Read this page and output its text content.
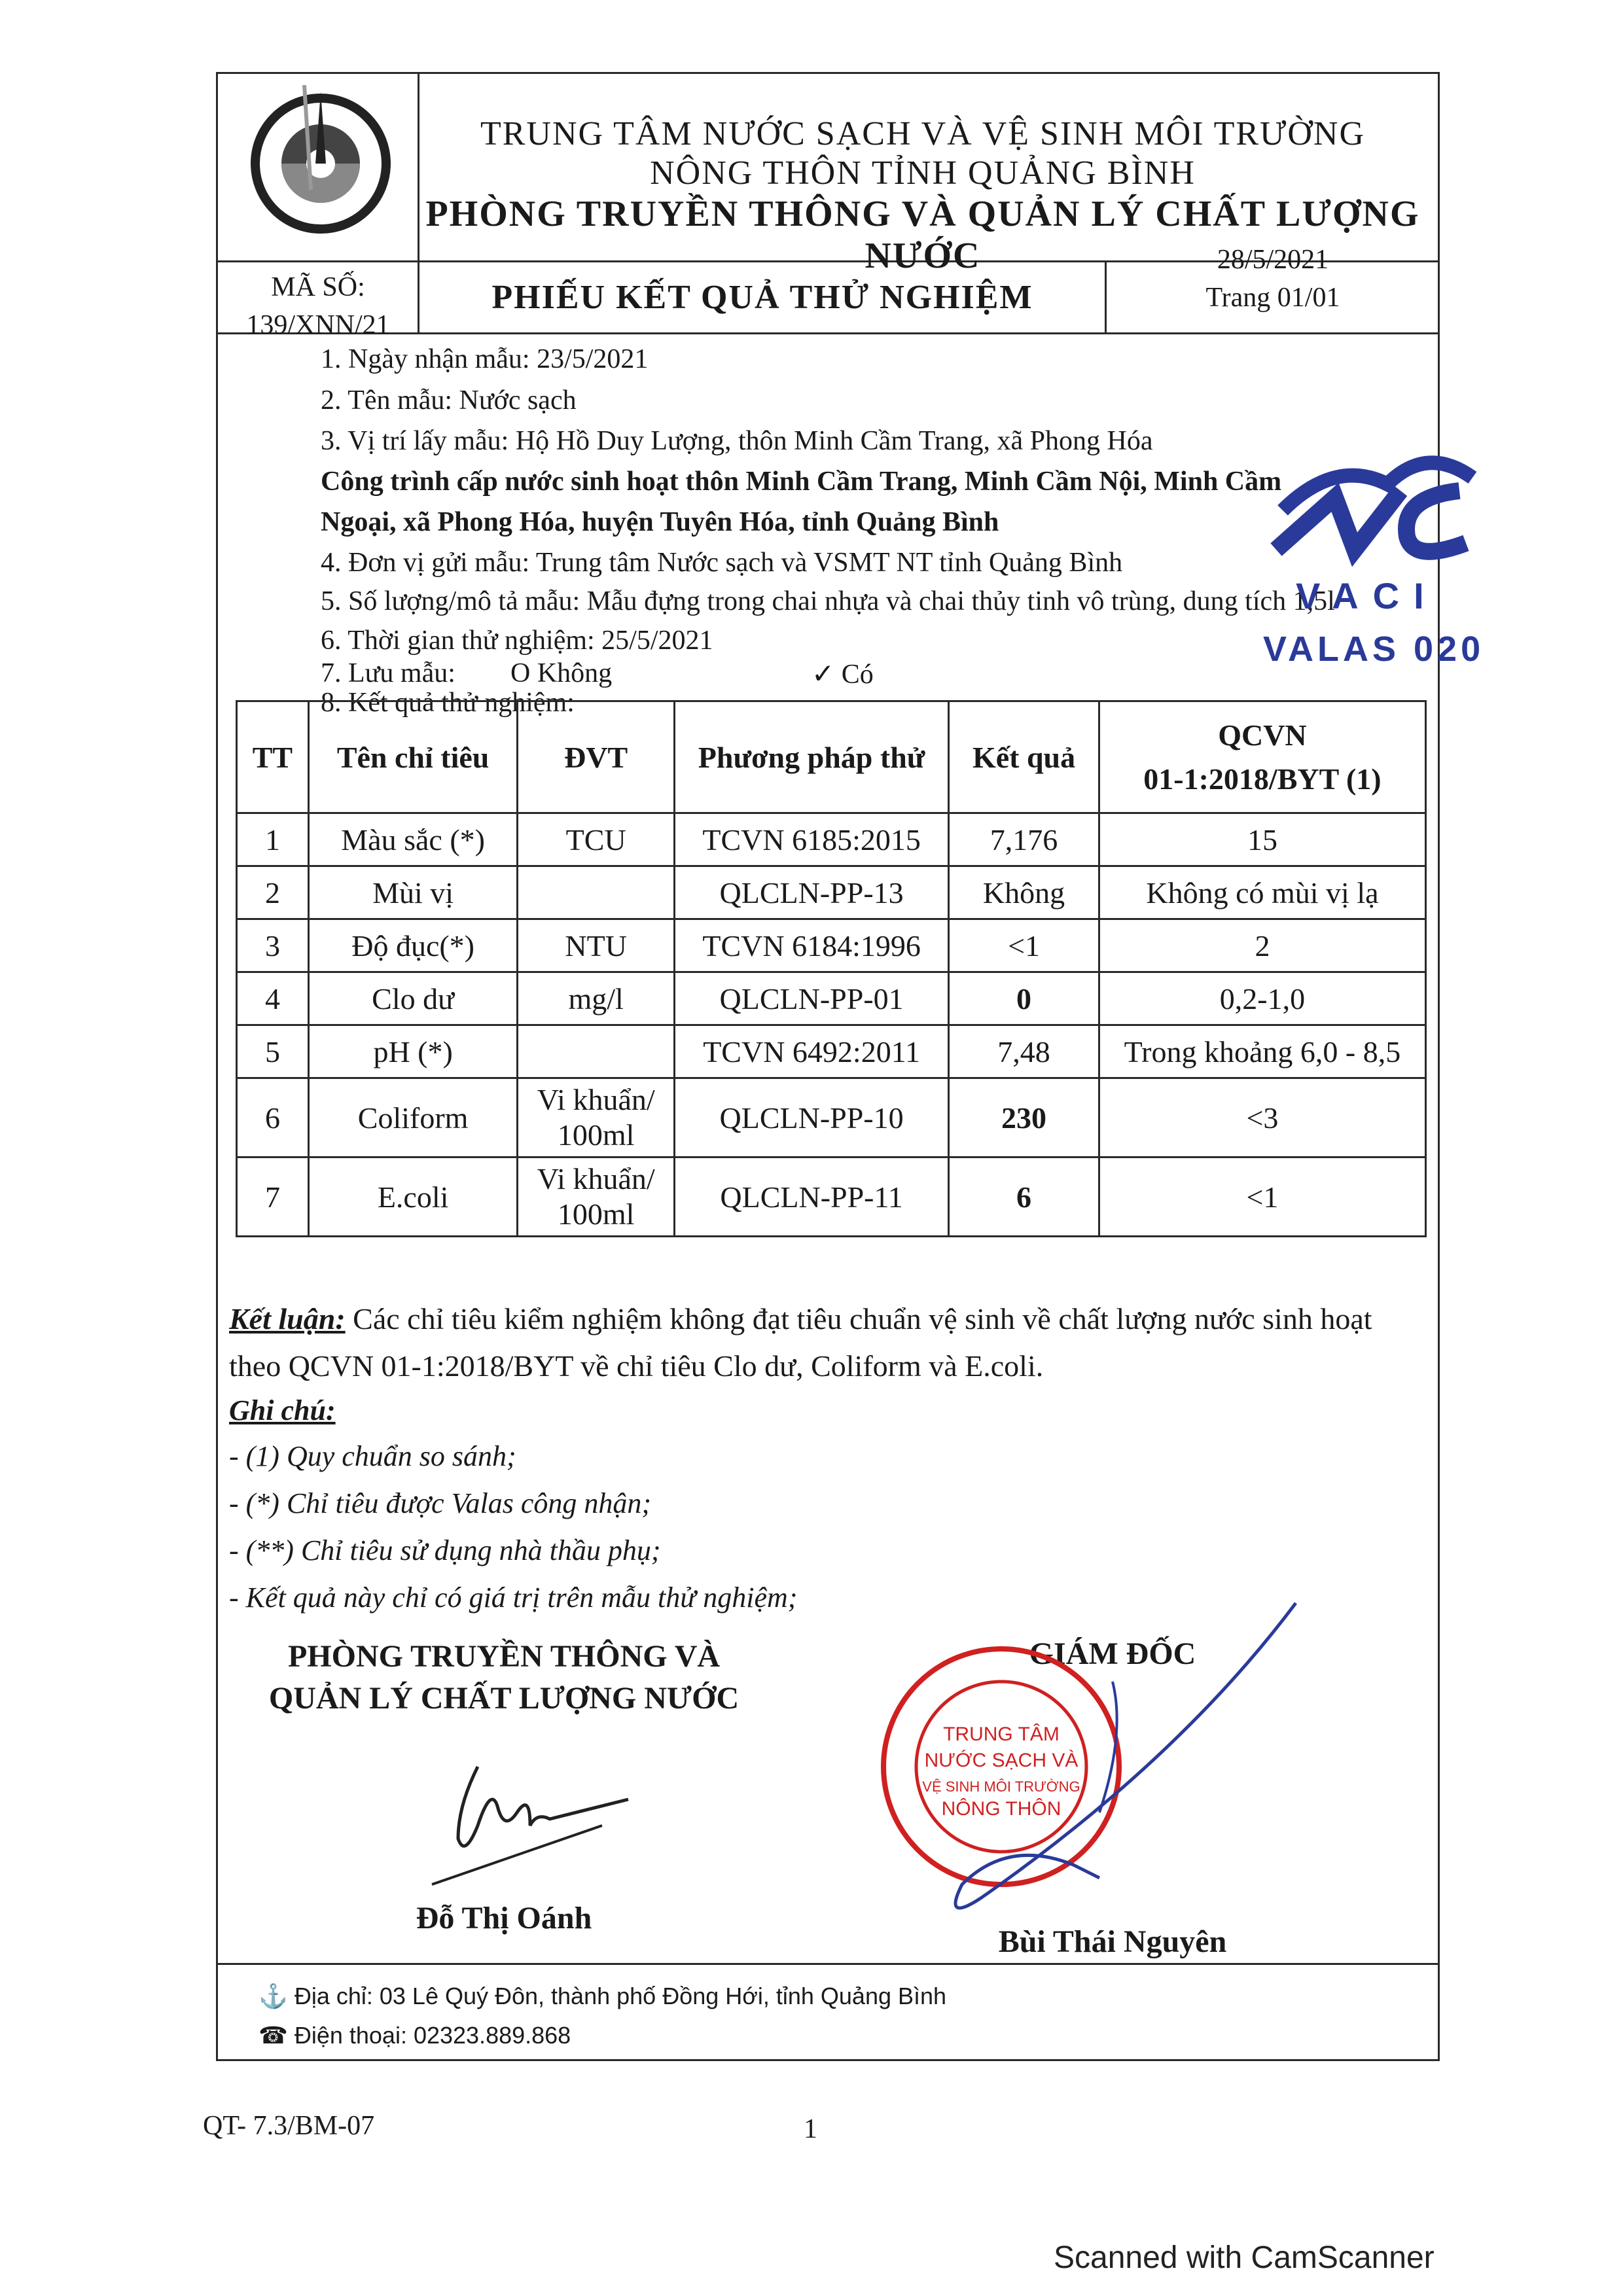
TRUNG TÂM NƯỚC SẠCH VÀ VỆ SINH MÔI TRƯỜNG
NÔNG THÔN TỈNH QUẢNG BÌNH
PHÒNG TRUYỀN THÔNG VÀ QUẢN LÝ CHẤT LƯỢNG NƯỚC
MÃ SỐ:
139/XNN/21
PHIẾU KẾT QUẢ THỬ NGHIỆM
28/5/2021
Trang 01/01
1. Ngày nhận mẫu: 23/5/2021
2. Tên mẫu: Nước sạch
3. Vị trí lấy mẫu: Hộ Hồ Duy Lượng, thôn Minh Cầm Trang, xã Phong Hóa
Công trình cấp nước sinh hoạt thôn Minh Cầm Trang, Minh Cầm Nội, Minh Cầm
Ngoại, xã Phong Hóa, huyện Tuyên Hóa, tỉnh Quảng Bình
4. Đơn vị gửi mẫu: Trung tâm Nước sạch và VSMT NT tỉnh Quảng Bình
5. Số lượng/mô tả mẫu: Mẫu đựng trong chai nhựa và chai thủy tinh vô trùng, dung tích 1,5l
6. Thời gian thử nghiệm: 25/5/2021
7. Lưu mẫu: O Không	✓ Có
8. Kết quả thử nghiệm:
TT	Tên chỉ tiêu	ĐVT	Phương pháp thử	Kết quả	QCVN
01-1:2018/BYT (1)

1	Màu sắc (*)	TCU	TCVN 6185:2015	7,176	15
2	Mùi vị		QLCLN-PP-13	Không	Không có mùi vị lạ
3	Độ đục(*)	NTU	TCVN 6184:1996	<1	2
4	Clo dư	mg/l	QLCLN-PP-01	0	0,2-1,0
5	pH (*)		TCVN 6492:2011	7,48	Trong khoảng 6,0 - 8,5
6	Coliform	Vi khuẩn/
100ml	QLCLN-PP-10	230	<3
7	E.coli	Vi khuẩn/
100ml	QLCLN-PP-11	6	<1
VACI
VALAS 020
Kết luận: Các chỉ tiêu kiểm nghiệm không đạt tiêu chuẩn vệ sinh về chất lượng nước sinh hoạt theo QCVN 01-1:2018/BYT về chỉ tiêu Clo dư, Coliform và E.coli.
Ghi chú:
- (1) Quy chuẩn so sánh;
- (*) Chỉ tiêu được Valas công nhận;
- (**) Chỉ tiêu sử dụng nhà thầu phụ;
- Kết quả này chỉ có giá trị trên mẫu thử nghiệm;
PHÒNG TRUYỀN THÔNG VÀ
QUẢN LÝ CHẤT LƯỢNG NƯỚC
Đỗ Thị Oánh
GIÁM ĐỐC
TRUNG TÂM
NƯỚC SẠCH VÀ
VỆ SINH MÔI TRƯỜNG
NÔNG THÔN
Bùi Thái Nguyên
⚓ Địa chỉ: 03 Lê Quý Đôn, thành phố Đồng Hới, tỉnh Quảng Bình
☎ Điện thoại: 02323.889.868
QT- 7.3/BM-07	1
Scanned with CamScanner
